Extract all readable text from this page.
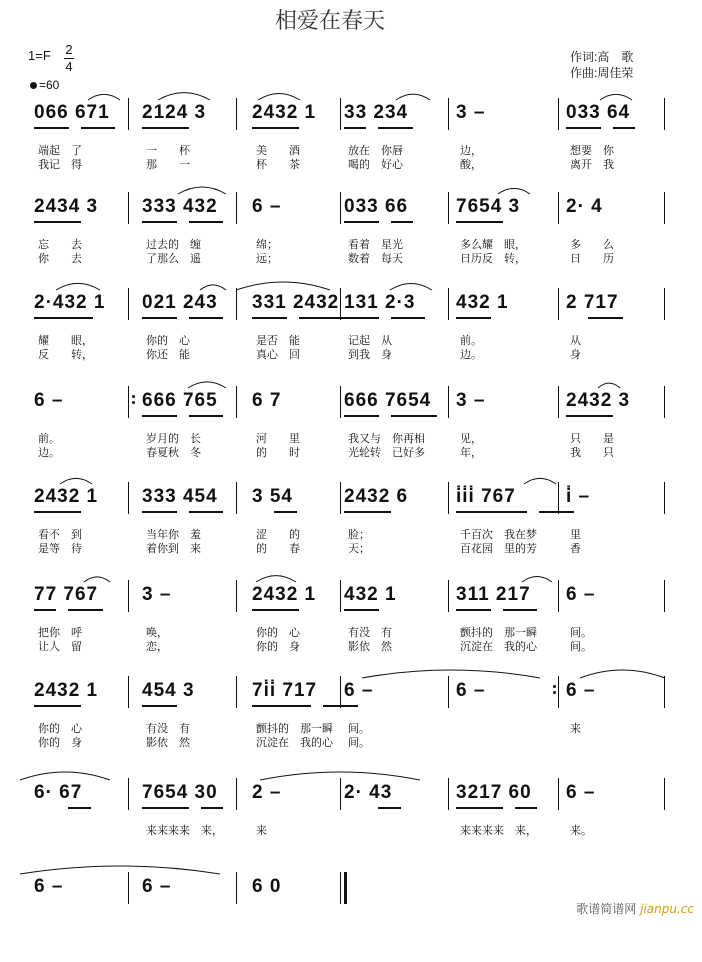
相爱在春天
1=F 2
4
=60
作词:高　歌
作曲:周佳荣
066 671
端起　了
我记　得
2124 3
一　　杯
那　　一
2432 1
美　　酒
杯　　茶
33 234
放在　你唇
喝的　好心
3 –
边，
酸，
033 64
想要　你
离开　我
2434 3
忘　　去
你　　去
333 432
过去的　缠
了那么　遥
6 –
绵；
远；
033 66
看着　星光
数着　每天
7654 3
多么耀　眼，
日历反　转，
2· 4
多　　么
日　　历
2·432 1
耀　　眼，
反　　转，
021 243
你的　心
你还　能
331 2432
是否　能
真心　回
131 2·3
记起　从
到我　身
432 1
前。
边。
2 717
从
身
6 –
前。
边。
666 765
岁月的　长
春夏秋　冬
6 7
河　　里
的　　时
666 7654
我又与　你再相
光轮转　已好多
3 –
见，
年，
2432 3
只　　是
我　　只
2432 1
看不　到
是等　待
333 454
当年你　羞
着你到　来
3 54
涩　　的
的　　春
2432 6
脸；
天；
i̇i̇i̇ 767
千百次　我在梦
百花园　里的芳
i̇ –
里
香
77 767
把你　呼
让人　留
3 –
唤，
恋，
2432 1
你的　心
你的　身
432 1
有没　有
影依　然
311 217
颤抖的　那一瞬
沉淀在　我的心
6 –
间。
间。
2432 1
你的　心
你的　身
454 3
有没　有
影依　然
7i̇i̇ 717
颤抖的　那一瞬
沉淀在　我的心
6 –
间。
间。
6 –	6 –
来
6· 67	7654 30
来来来来　来，
2 –
来
2· 43	3217 60
来来来来　来，
6 –
来。
6 –	6 –	6 0
歌谱简谱网 jianpu.cc
